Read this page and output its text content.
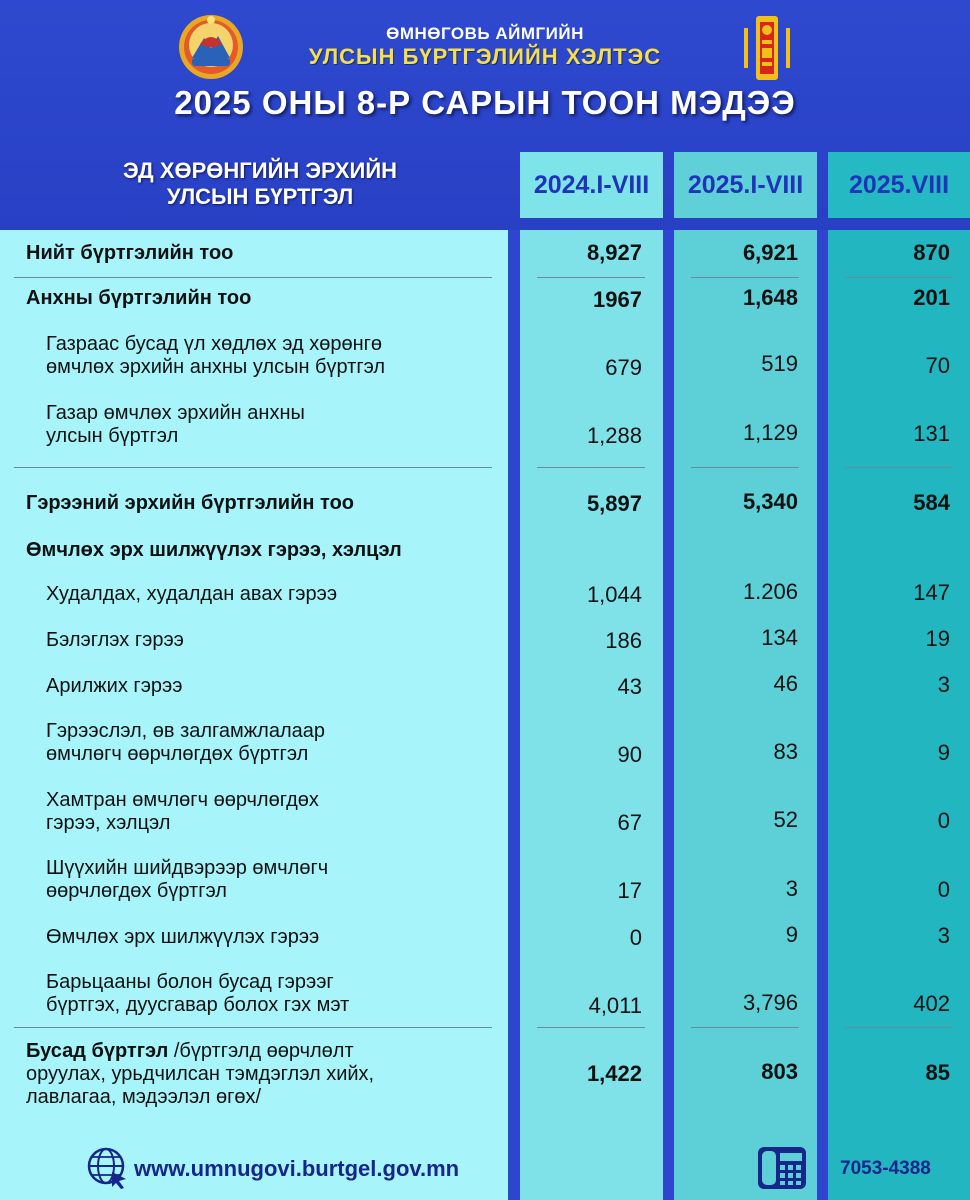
ӨМНӨГОВЬ АЙМГИЙН
УЛСЫН БҮРТГЭЛИЙН ХЭЛТЭС
2025 ОНЫ 8-Р САРЫН ТООН МЭДЭЭ
ЭД ХӨРӨНГИЙН ЭРХИЙН
УЛСЫН БҮРТГЭЛ	2024.I-VIII	2025.I-VIII	2025.VIII
Нийт бүртгэлийн тоо	8,927	6,921	870
Анхны бүртгэлийн тоо	1967	1,648	201
Газраас бусад үл хөдлөх эд хөрөнгө
өмчлөх эрхийн анхны улсын бүртгэл	679	519	70
Газар өмчлөх эрхийн анхны
улсын бүртгэл	1,288	1,129	131
Гэрээний эрхийн бүртгэлийн тоо	5,897	5,340	584
Өмчлөх эрх шилжүүлэх гэрээ, хэлцэл
Худалдах, худалдан авах гэрээ	1,044	1.206	147
Бэлэглэх гэрээ	186	134	19
Арилжих гэрээ	43	46	3
Гэрээслэл, өв залгамжлалаар
өмчлөгч өөрчлөгдөх бүртгэл	90	83	9
Хамтран өмчлөгч өөрчлөгдөх
гэрээ, хэлцэл	67	52	0
Шүүхийн шийдвэрээр өмчлөгч
өөрчлөгдөх бүртгэл	17	3	0
Өмчлөх эрх шилжүүлэх гэрээ	0	9	3
Барьцааны болон бусад гэрээг
бүртгэх, дуусгавар болох гэх мэт	4,011	3,796	402
Бусад бүртгэл /бүртгэлд өөрчлөлт
оруулах, урьдчилсан тэмдэглэл хийх,
лавлагаа, мэдээлэл өгөх/
1,422	803	85
www.umnugovi.burtgel.gov.mn	7053-4388
